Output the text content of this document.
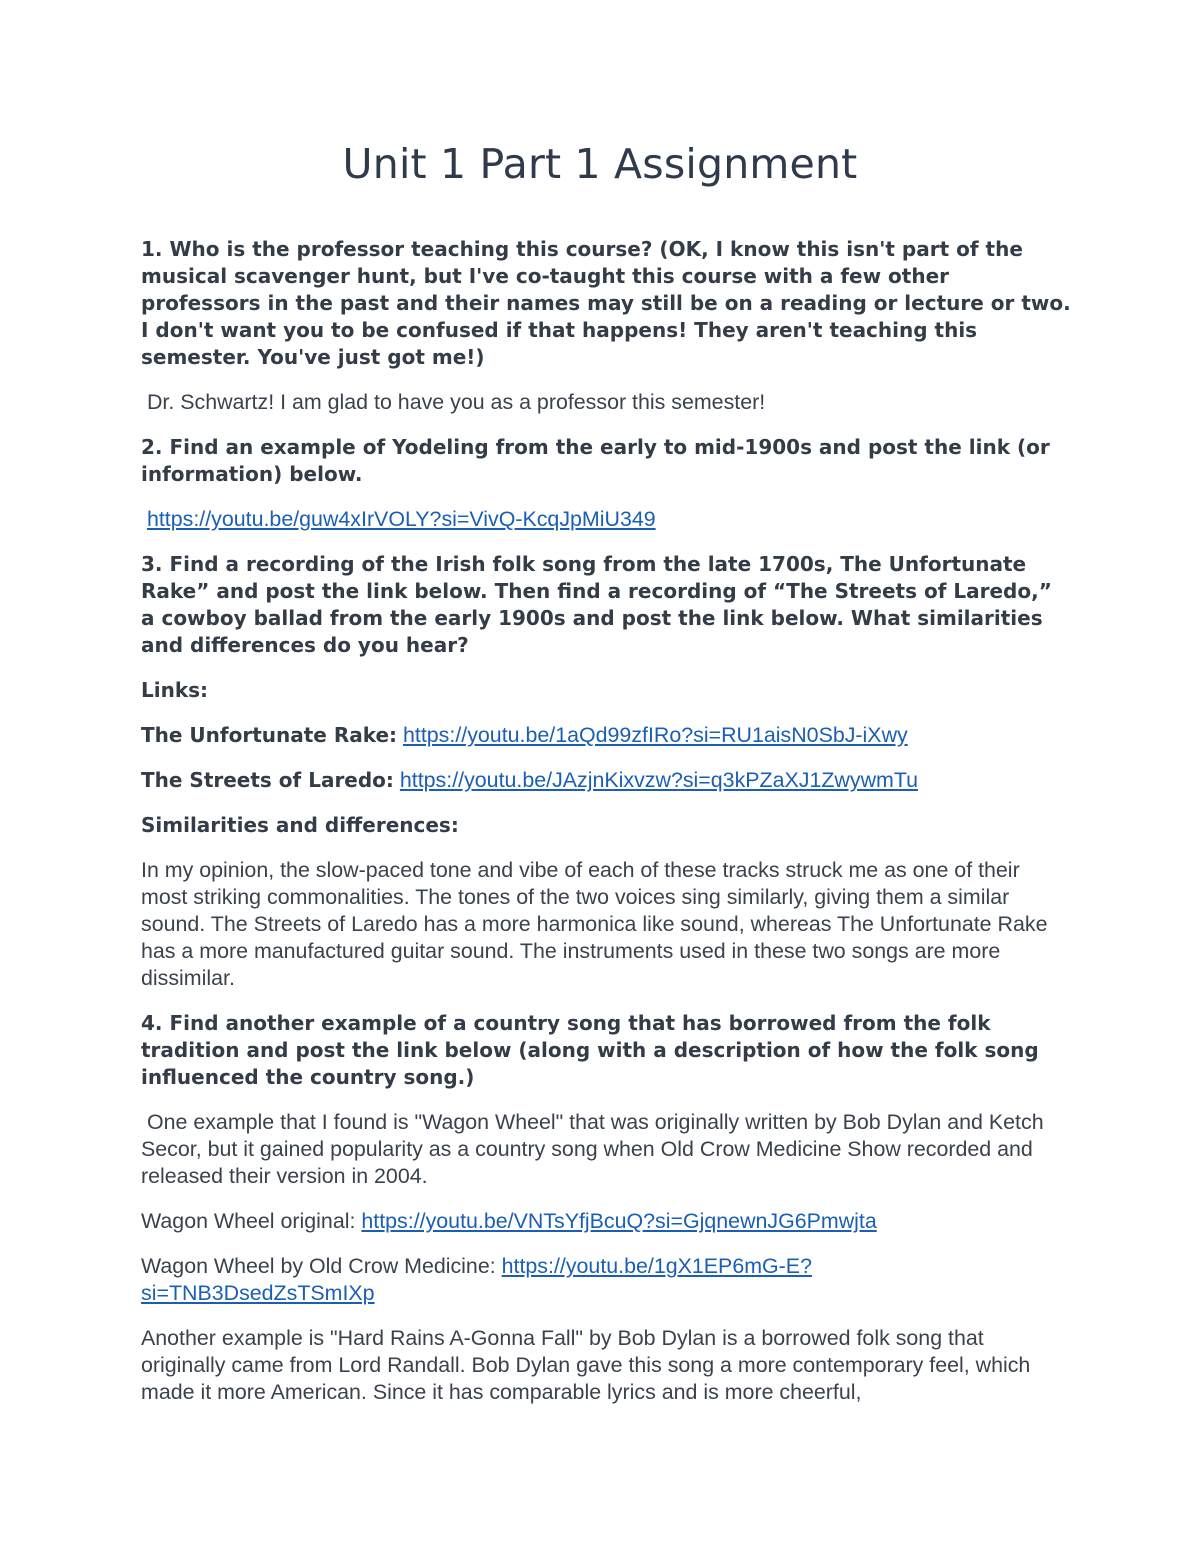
Unit 1 Part 1 Assignment

1. Who is the professor teaching this course? (OK, I know this isn't part of the musical scavenger hunt, but I've co-taught this course with a few other professors in the past and their names may still be on a reading or lecture or two. I don't want you to be confused if that happens! They aren't teaching this semester. You've just got me!)

Dr. Schwartz! I am glad to have you as a professor this semester!

2. Find an example of Yodeling from the early to mid-1900s and post the link (or information) below.

https://youtu.be/guw4xIrVOLY?si=VivQ-KcqJpMiU349

3. Find a recording of the Irish folk song from the late 1700s, The Unfortunate Rake” and post the link below. Then find a recording of “The Streets of Laredo,” a cowboy ballad from the early 1900s and post the link below. What similarities and differences do you hear?

Links:

The Unfortunate Rake: https://youtu.be/1aQd99zfIRo?si=RU1aisN0SbJ-iXwy

The Streets of Laredo: https://youtu.be/JAzjnKixvzw?si=q3kPZaXJ1ZwywmTu

Similarities and differences:

In my opinion, the slow-paced tone and vibe of each of these tracks struck me as one of their most striking commonalities. The tones of the two voices sing similarly, giving them a similar sound. The Streets of Laredo has a more harmonica like sound, whereas The Unfortunate Rake has a more manufactured guitar sound. The instruments used in these two songs are more dissimilar.

4. Find another example of a country song that has borrowed from the folk tradition and post the link below (along with a description of how the folk song influenced the country song.)

One example that I found is "Wagon Wheel" that was originally written by Bob Dylan and Ketch Secor, but it gained popularity as a country song when Old Crow Medicine Show recorded and released their version in 2004.

Wagon Wheel original: https://youtu.be/VNTsYfjBcuQ?si=GjqnewnJG6Pmwjta

Wagon Wheel by Old Crow Medicine: https://youtu.be/1gX1EP6mG-E?
si=TNB3DsedZsTSmIXp

Another example is "Hard Rains A-Gonna Fall" by Bob Dylan is a borrowed folk song that originally came from Lord Randall. Bob Dylan gave this song a more contemporary feel, which made it more American. Since it has comparable lyrics and is more cheerful,
